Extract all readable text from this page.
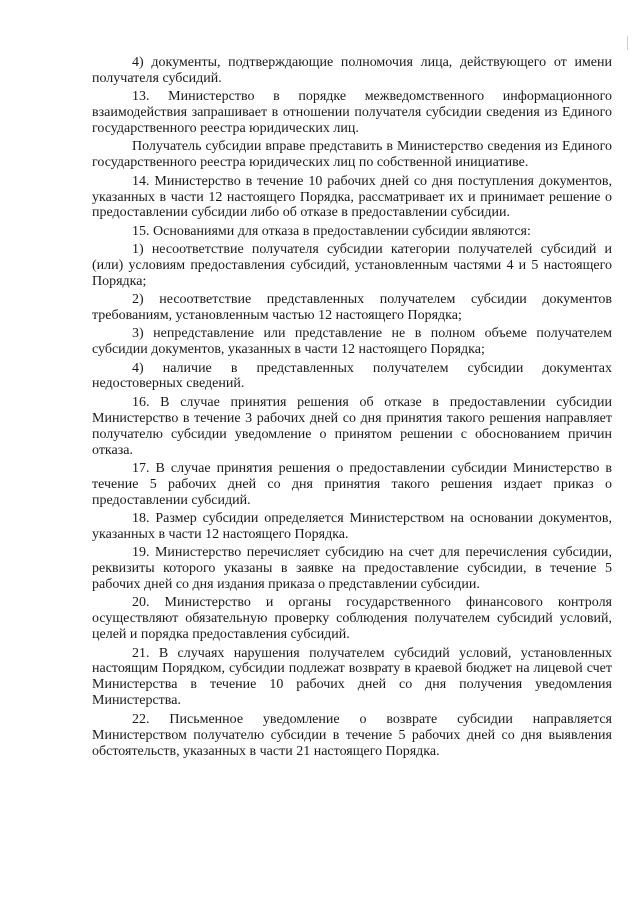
4) документы, подтверждающие полномочия лица, действующего от имени получателя субсидий.

13. Министерство в порядке межведомственного информационного взаимодействия запрашивает в отношении получателя субсидии сведения из Единого государственного реестра юридических лиц.

Получатель субсидии вправе представить в Министерство сведения из Единого государственного реестра юридических лиц по собственной инициативе.

14. Министерство в течение 10 рабочих дней со дня поступления документов, указанных в части 12 настоящего Порядка, рассматривает их и принимает решение о предоставлении субсидии либо об отказе в предоставлении субсидии.

15. Основаниями для отказа в предоставлении субсидии являются:

1) несоответствие получателя субсидии категории получателей субсидий и (или) условиям предоставления субсидий, установленным частями 4 и 5 настоящего Порядка;

2) несоответствие представленных получателем субсидии документов требованиям, установленным частью 12 настоящего Порядка;

3) непредставление или представление не в полном объеме получателем субсидии документов, указанных в части 12 настоящего Порядка;

4) наличие в представленных получателем субсидии документах недостоверных сведений.

16. В случае принятия решения об отказе в предоставлении субсидии Министерство в течение 3 рабочих дней со дня принятия такого решения направляет получателю субсидии уведомление о принятом решении с обоснованием причин отказа.

17. В случае принятия решения о предоставлении субсидии Министерство в течение 5 рабочих дней со дня принятия такого решения издает приказ о предоставлении субсидий.

18. Размер субсидии определяется Министерством на основании документов, указанных в части 12 настоящего Порядка.

19. Министерство перечисляет субсидию на счет для перечисления субсидии, реквизиты которого указаны в заявке на предоставление субсидии, в течение 5 рабочих дней со дня издания приказа о представлении субсидии.

20. Министерство и органы государственного финансового контроля осуществляют обязательную проверку соблюдения получателем субсидий условий, целей и порядка предоставления субсидий.

21. В случаях нарушения получателем субсидий условий, установленных настоящим Порядком, субсидии подлежат возврату в краевой бюджет на лицевой счет Министерства в течение 10 рабочих дней со дня получения уведомления Министерства.

22. Письменное уведомление о возврате субсидии направляется Министерством получателю субсидии в течение 5 рабочих дней со дня выявления обстоятельств, указанных в части 21 настоящего Порядка.
